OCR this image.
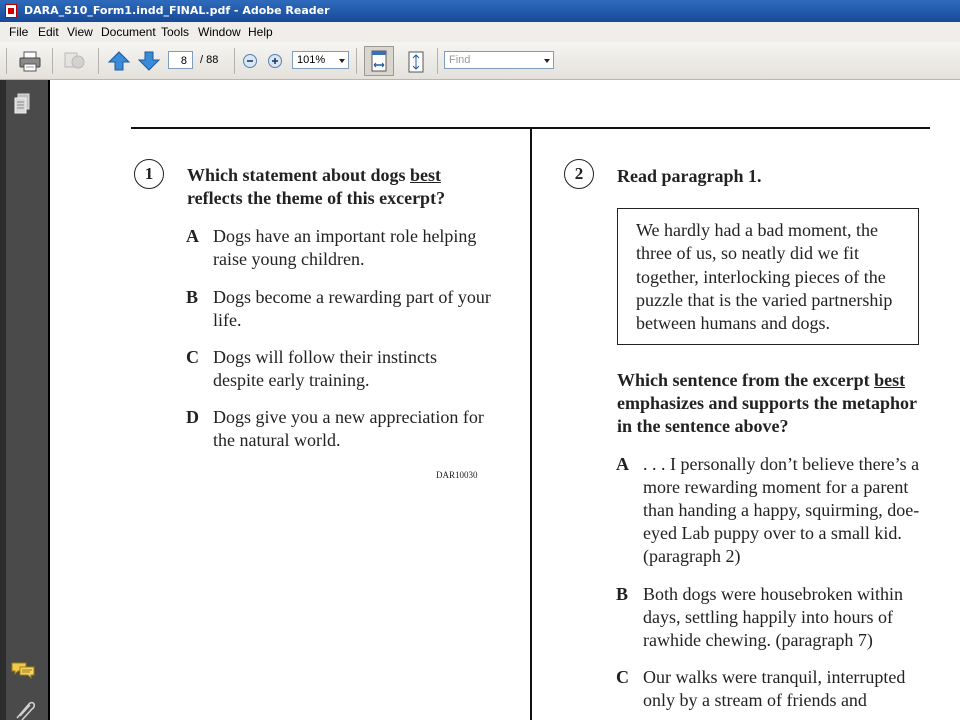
DARA_S10_Form1.indd_FINAL.pdf - Adobe Reader
File Edit View Document Tools Window Help
8	/ 88	101%	Find
1	Which statement about dogs best
reflects the theme of this excerpt?
A Dogs have an important role helping
raise young children.
B Dogs become a rewarding part of your
life.
C Dogs will follow their instincts
despite early training.
D Dogs give you a new appreciation for
the natural world.
DAR10030
2	Read paragraph 1.
We hardly had a bad moment, the
three of us, so neatly did we fit
together, interlocking pieces of the
puzzle that is the varied partnership
between humans and dogs.
Which sentence from the excerpt best
emphasizes and supports the metaphor
in the sentence above?
A . . . I personally don’t believe there’s a
more rewarding moment for a parent
than handing a happy, squirming, doe-
eyed Lab puppy over to a small kid.
(paragraph 2)
B Both dogs were housebroken within
days, settling happily into hours of
rawhide chewing. (paragraph 7)
C Our walks were tranquil, interrupted
only by a stream of friends and
